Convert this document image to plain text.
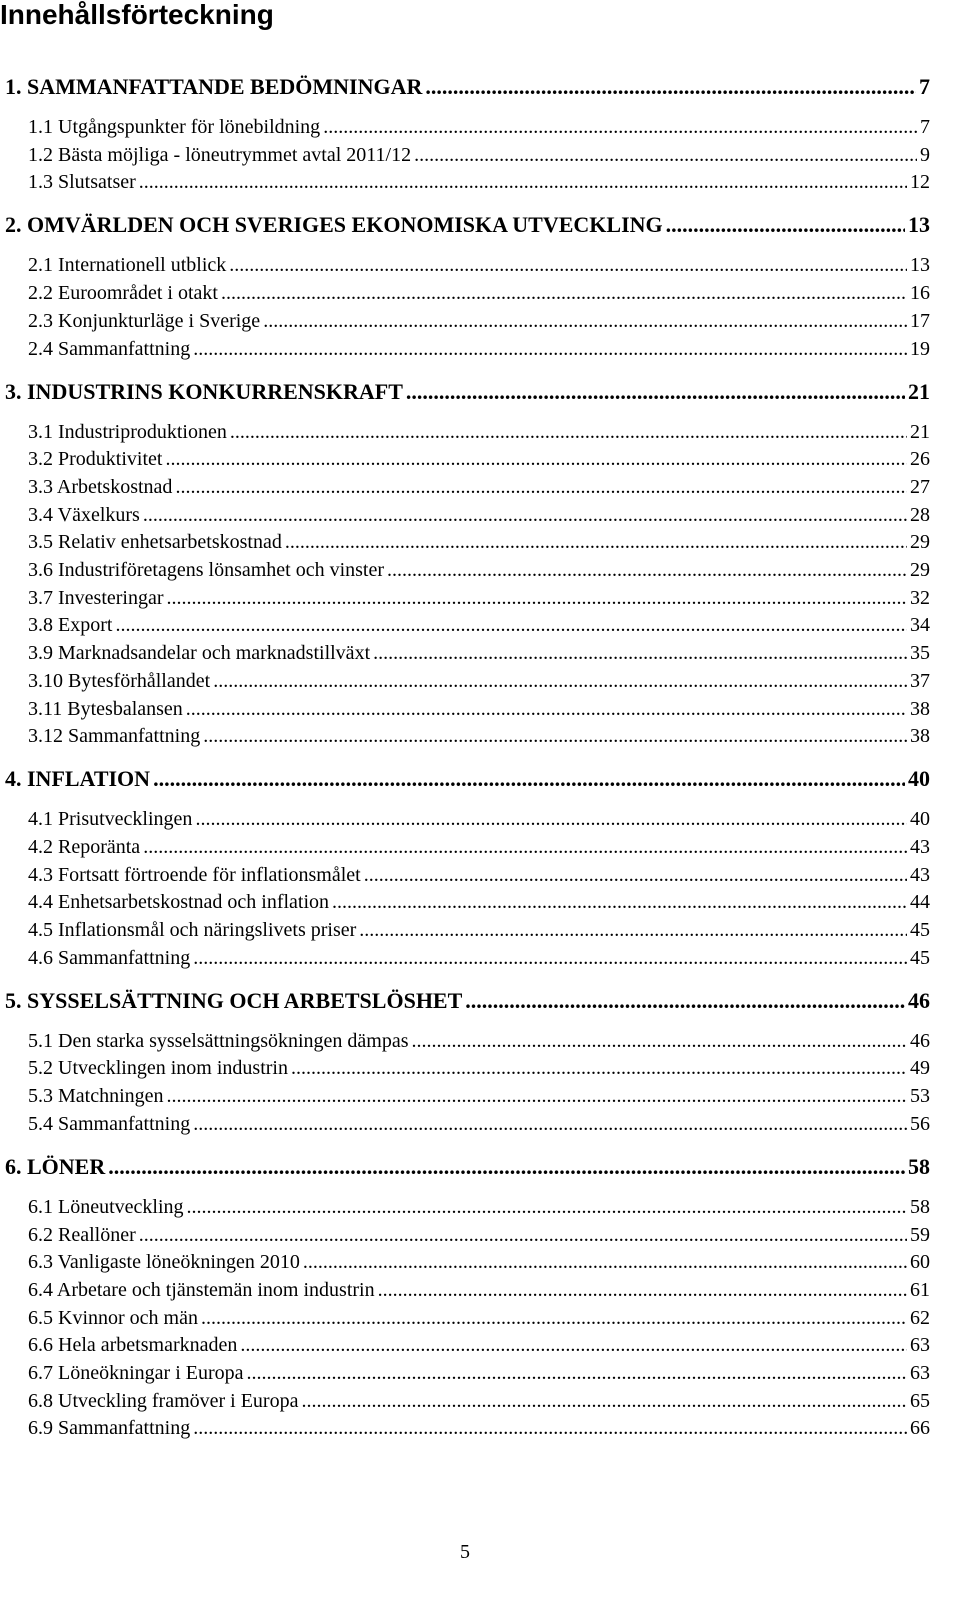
Innehållsförteckning
1. SAMMANFATTANDE BEDÖMNINGAR .....	7
1.1 Utgångspunkter för lönebildning .....	7
1.2 Bästa möjliga - löneutrymmet avtal 2011/12 .....	9
1.3 Slutsatser .....	12
2. OMVÄRLDEN OCH SVERIGES EKONOMISKA UTVECKLING .....	13
2.1 Internationell utblick .....	13
2.2 Euroområdet i otakt .....	16
2.3 Konjunkturläge i Sverige .....	17
2.4 Sammanfattning .....	19
3. INDUSTRINS KONKURRENSKRAFT .....	21
3.1 Industriproduktionen .....	21
3.2 Produktivitet .....	26
3.3 Arbetskostnad .....	27
3.4 Växelkurs .....	28
3.5 Relativ enhetsarbetskostnad .....	29
3.6 Industriföretagens lönsamhet och vinster .....	29
3.7 Investeringar .....	32
3.8 Export .....	34
3.9 Marknadsandelar och marknadstillväxt .....	35
3.10 Bytesförhållandet .....	37
3.11 Bytesbalansen .....	38
3.12 Sammanfattning .....	38
4. INFLATION .....	40
4.1 Prisutvecklingen .....	40
4.2 Reporänta .....	43
4.3 Fortsatt förtroende för inflationsmålet .....	43
4.4 Enhetsarbetskostnad och inflation .....	44
4.5 Inflationsmål och näringslivets priser .....	45
4.6 Sammanfattning .....	45
5. SYSSELSÄTTNING OCH ARBETSLÖSHET .....	46
5.1 Den starka sysselsättningsökningen dämpas .....	46
5.2 Utvecklingen inom industrin .....	49
5.3 Matchningen .....	53
5.4 Sammanfattning .....	56
6. LÖNER .....	58
6.1 Löneutveckling .....	58
6.2 Reallöner .....	59
6.3 Vanligaste löneökningen 2010 .....	60
6.4 Arbetare och tjänstemän inom industrin .....	61
6.5 Kvinnor och män .....	62
6.6 Hela arbetsmarknaden .....	63
6.7 Löneökningar i Europa .....	63
6.8 Utveckling framöver i Europa .....	65
6.9 Sammanfattning .....	66
5
